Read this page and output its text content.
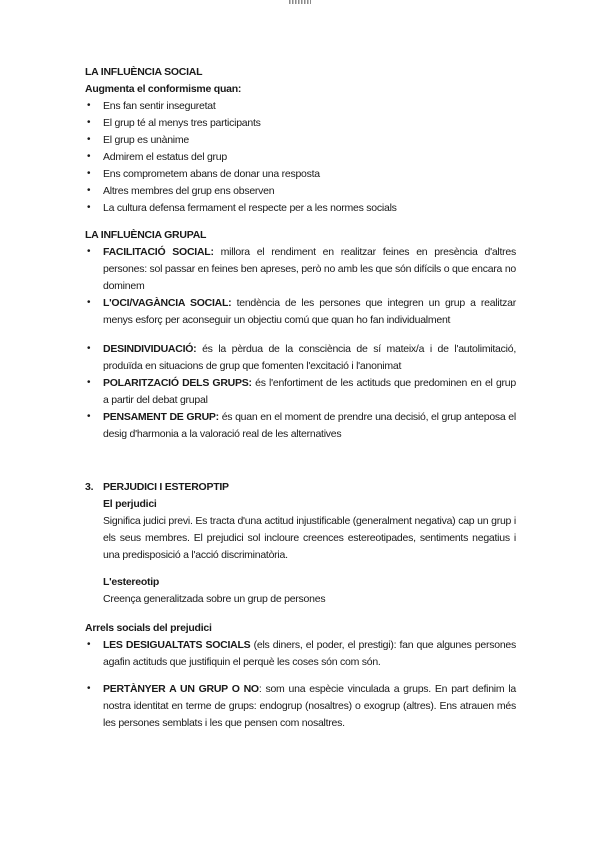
LA INFLUÈNCIA SOCIAL
Augmenta el conformisme quan:
• Ens fan sentir inseguretat
• El grup té al menys tres participants
• El grup es unànime
• Admirem el estatus del grup
• Ens comprometem abans de donar una resposta
• Altres membres del grup ens observen
• La cultura defensa fermament el respecte per a les normes socials
LA INFLUÈNCIA GRUPAL
• FACILITACIÓ SOCIAL: millora el rendiment en realitzar feines en presència d'altres persones: sol passar en feines ben apreses, però no amb les que són difícils o que encara no dominem
• L'OCI/VAGÀNCIA SOCIAL: tendència de les persones que integren un grup a realitzar menys esforç per aconseguir un objectiu comú que quan ho fan individualment
• DESINDIVIDUACIÓ: és la pèrdua de la consciència de sí mateix/a i de l'autolimitació, produïda en situacions de grup que fomenten l'excitació i l'anonimat
• POLARITZACIÓ DELS GRUPS: és l'enfortiment de les actituds que predominen en el grup a partir del debat grupal
• PENSAMENT DE GRUP: és quan en el moment de prendre una decisió, el grup anteposa el desig d'harmonia a la valoració real de les alternatives
3. PERJUDICI I ESTEROPTIP
El perjudici
Significa judici previ. Es tracta d'una actitud injustificable (generalment negativa) cap un grup i els seus membres. El prejudici sol incloure creences estereotipades, sentiments negatius i una predisposició a l'acció discriminatòria.
L'estereotip
Creença generalitzada sobre un grup de persones
Arrels socials del prejudici
• LES DESIGUALTATS SOCIALS (els diners, el poder, el prestigi): fan que algunes persones agafin actituds que justifiquin el perquè les coses són com són.
• PERTÀNYER A UN GRUP O NO: som una espècie vinculada a grups. En part definim la nostra identitat en terme de grups: endogrup (nosaltres) o exogrup (altres). Ens atrauen més les persones semblats i les que pensen com nosaltres.
